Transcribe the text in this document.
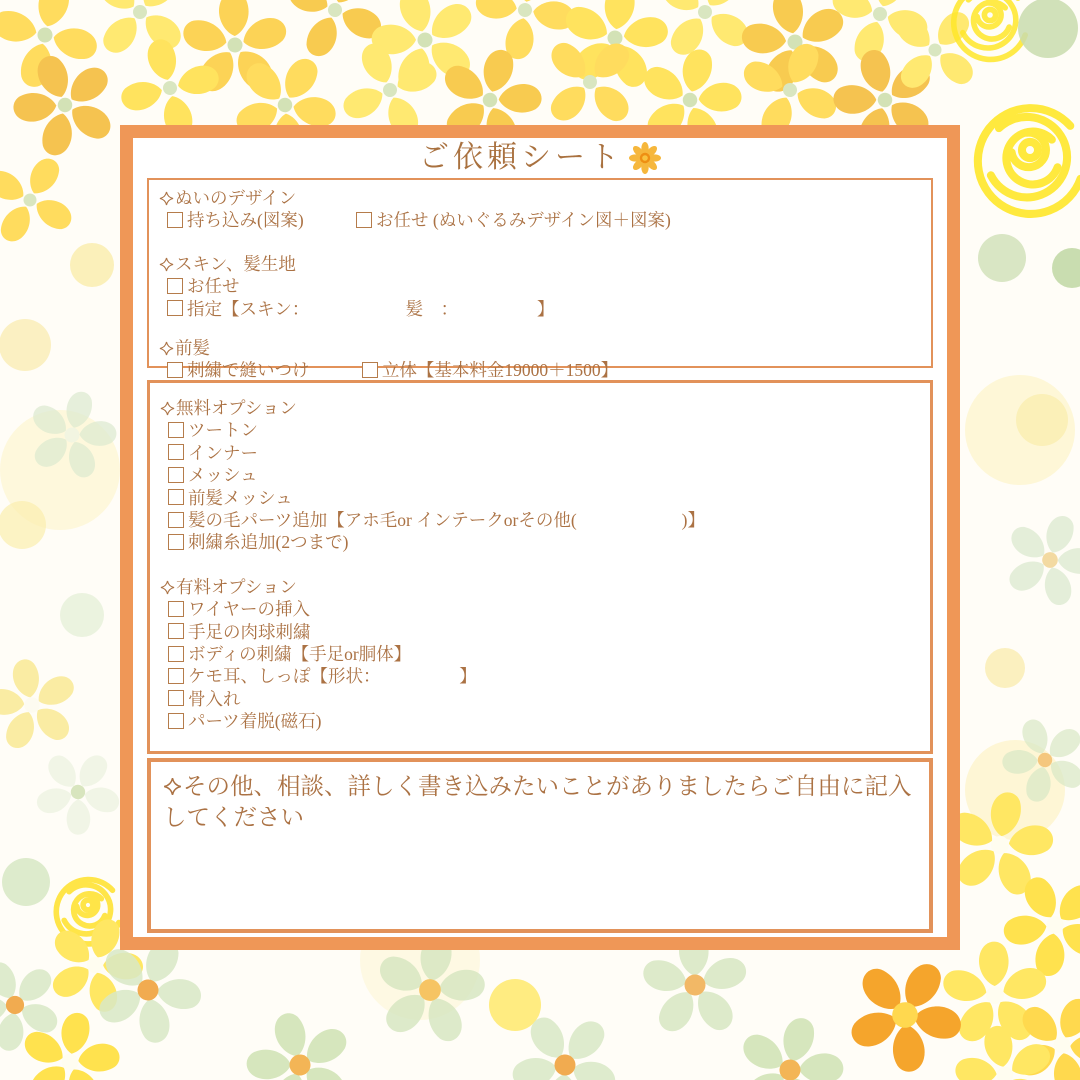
ご依頼シート
ぬいのデザイン
持ち込み(図案)	お任せ (ぬいぐるみデザイン図＋図案)
スキン、髪生地
お任せ
指定【スキン：　　　　　　髪　：　　　　　】
前髪
刺繍で縫いつけ	立体【基本料金19000＋1500】
無料オプション
ツートン
インナー
メッシュ
前髪メッシュ
髪の毛パーツ追加【アホ毛or インテークorその他(　　　　　　)】
刺繍糸追加(2つまで)
有料オプション
ワイヤーの挿入
手足の肉球刺繍
ボディの刺繍【手足or胴体】
ケモ耳、しっぽ【形状：　　　　　】
骨入れ
パーツ着脱(磁石)
その他、相談、詳しく書き込みたいことがありましたらご自由に記入してください
